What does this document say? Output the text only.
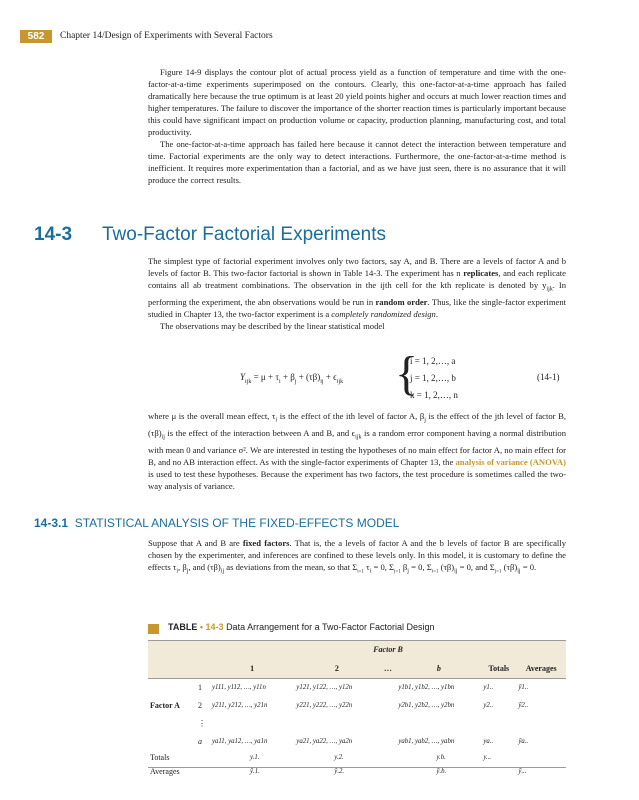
582	Chapter 14/Design of Experiments with Several Factors

Figure 14-9 displays the contour plot of actual process yield as a function of temperature and time with the one-factor-at-a-time experiments superimposed on the contours. Clearly, this one-factor-at-a-time approach has failed dramatically here because the true optimum is at least 20 yield points higher and occurs at much lower reaction times and higher temperatures. The failure to discover the importance of the shorter reaction times is particularly important because this could have significant impact on production volume or capacity, production planning, manufacturing cost, and total productivity.

The one-factor-at-a-time approach has failed here because it cannot detect the interaction between temperature and time. Factorial experiments are the only way to detect interactions. Furthermore, the one-factor-at-a-time method is inefficient. It requires more experimentation than a factorial, and as we have just seen, there is no assurance that it will produce the correct results.

14-3 Two-Factor Factorial Experiments

The simplest type of factorial experiment involves only two factors, say A, and B. There are a levels of factor A and b levels of factor B. This two-factor factorial is shown in Table 14-3. The experiment has n replicates, and each replicate contains all ab treatment combinations. The observation in the ijth cell for the kth replicate is denoted by $y_{ijk}$. In performing the experiment, the abn observations would be run in random order. Thus, like the single-factor experiment studied in Chapter 13, the two-factor experiment is a completely randomized design.

The observations may be described by the linear statistical model

$Y_{ijk} = \mu + \tau_i + \beta_j + (\tau\beta)_{ij} + \epsilon_{ijk}$ {
i = 1, 2,…, a
j = 1, 2,…, b
k = 1, 2,…, n
(14-1)

where μ is the overall mean effect, $\tau_i$ is the effect of the ith level of factor A, $\beta_j$ is the effect of the jth level of factor B, $(\tau\beta)_{ij}$ is the effect of the interaction between A and B, and $\epsilon_{ijk}$ is a random error component having a normal distribution with mean 0 and variance σ². We are interested in testing the hypotheses of no main effect for factor A, no main effect for B, and no AB interaction effect. As with the single-factor experiments of Chapter 13, the analysis of variance (ANOVA) is used to test these hypotheses. Because the experiment has two factors, the test procedure is sometimes called the two-way analysis of variance.

14-3.1 STATISTICAL ANALYSIS OF THE FIXED-EFFECTS MODEL

Suppose that A and B are fixed factors. That is, the a levels of factor A and the b levels of factor B are specifically chosen by the experimenter, and inferences are confined to these levels only. In this model, it is customary to define the effects $\tau_i$, $\beta_j$, and $(\tau\beta)_{ij}$ as deviations from the mean, so that $\Sigma_{i=1}$ $\tau_i = 0$, $\Sigma_{j=1}$ $\beta_j = 0$, $\Sigma_{i=1}$ $(\tau\beta)_{ij} = 0$, and $\Sigma_{j=1}$ $(\tau\beta)_{ij} = 0$.

TABLE • 14-3 Data Arrangement for a Two-Factor Factorial Design
		Factor B					
		1	2	…	b	Totals	Averages
	1	y111, y112, …, y11n	y121, y122, …, y12n		y1b1, y1b2, …, y1bn	y1..	ȳ1..
Factor A	2	y211, y212, …, y21n	y221, y222, …, y22n		y2b1, y2b2, …, y2bn	y2..	ȳ2..
	⋮						
	a	ya11, ya12, …, ya1n	ya21, ya22, …, ya2n		yab1, yab2, …, yabn	ya..	ȳa..
Totals		y.1.	y.2.		y.b.	y...	
Averages		ȳ.1.	ȳ.2.		ȳ.b.		ȳ...
